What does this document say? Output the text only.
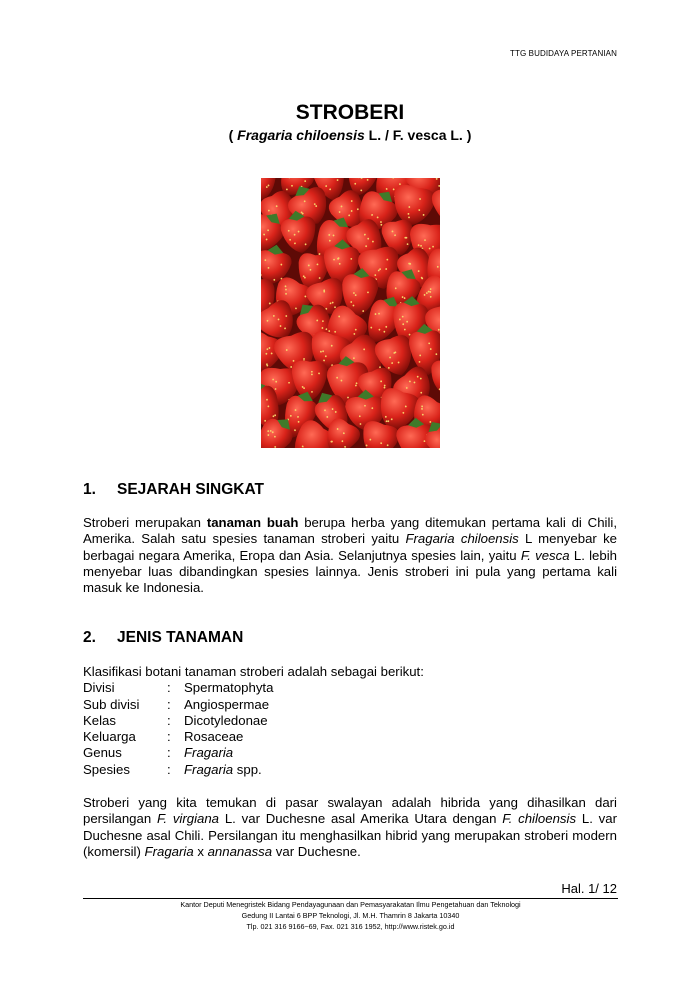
TTG BUDIDAYA PERTANIAN
STROBERI
( Fragaria chiloensis L. / F. vesca L. )
1. SEJARAH SINGKAT

Stroberi merupakan tanaman buah berupa herba yang ditemukan pertama kali di Chili, Amerika. Salah satu spesies tanaman stroberi yaitu Fragaria chiloensis L menyebar ke berbagai negara Amerika, Eropa dan Asia. Selanjutnya spesies lain, yaitu F. vesca L. lebih menyebar luas dibandingkan spesies lainnya. Jenis stroberi ini pula yang pertama kali masuk ke Indonesia.

2. JENIS TANAMAN
Klasifikasi botani tanaman stroberi adalah sebagai berikut:
Divisi	:	Spermatophyta
Sub divisi	:	Angiospermae
Kelas	:	Dicotyledonae
Keluarga	:	Rosaceae
Genus	:	Fragaria
Spesies	:	Fragaria spp.

Stroberi yang kita temukan di pasar swalayan adalah hibrida yang dihasilkan dari persilangan F. virgiana L. var Duchesne asal Amerika Utara dengan F. chiloensis L. var Duchesne asal Chili. Persilangan itu menghasilkan hibrid yang merupakan stroberi modern (komersil) Fragaria x annanassa var Duchesne.

Hal. 1/ 12
Kantor Deputi Menegristek Bidang Pendayagunaan dan Pemasyarakatan Ilmu Pengetahuan dan Teknologi
Gedung II Lantai 6 BPP Teknologi, Jl. M.H. Thamrin 8 Jakarta 10340
Tlp. 021 316 9166~69, Fax. 021 316 1952, http://www.ristek.go.id
